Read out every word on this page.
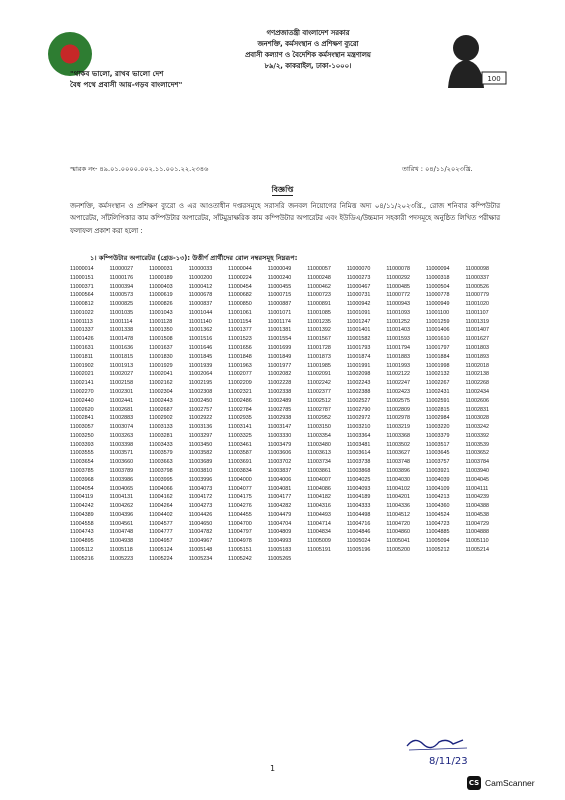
"থাকব ভালো, রাখব ভালো দেশ
বৈধ পথে প্রবাসী আয়-গড়ব বাংলাদেশ"
গণপ্রজাতন্ত্রী বাংলাদেশ সরকার
জনশক্তি, কর্মসংস্থান ও প্রশিক্ষণ ব্যুরো
প্রবাসী কল্যাণ ও বৈদেশিক কর্মসংস্থান মন্ত্রণালয়
৮৯/২, কাকরাইল, ঢাকা-১০০০।
100
স্মারক নং- ৪৯.০১.০০০০.০০২.১১.০০১.২২.২৩৪৬	তারিখ : ০৪/১১/২০২৩খ্রি.
বিজ্ঞপ্তি
জনশক্তি, কর্মসংস্থান ও প্রশিক্ষণ ব্যুরো ও এর আওতাধীন দপ্তরসমূহে সরাসরি জনবল নিয়োগের নিমিত্ত অদ্য ০৪/১১/২০২৩খ্রি., রোজ শনিবার কম্পিউটার অপারেটর, সাঁটলিপিকার কাম কম্পিউটার অপারেটর, সাঁটমুদ্রাক্ষরিক কাম কম্পিউটার অপারেটর এবং ইউডিএ/উচ্চমান সহকারী পদসমূহে অনুষ্ঠিত লিখিত পরীক্ষার ফলাফল প্রকাশ করা হলো :
১। কম্পিউটার অপারেটর (গ্রেড-১৩): উত্তীর্ণ প্রার্থীদের রোল নম্বরসমূহ নিম্নরূপ:
11000014	11000027	11000031	11000033	11000044	11000049	11000057	11000070	11000078	11000094	11000098
11000151	11000176	11000189	11000200	11000224	11000240	11000248	11000273	11000292	11000318	11000337
11000371	11000394	11000403	11000412	11000454	11000455	11000462	11000467	11000485	11000504	11000526
11000564	11000573	11000619	11000678	11000682	11000715	11000723	11000731	11000772	11000778	11000779
11000812	11000825	11000826	11000837	11000850	11000887	11000891	11000942	11000943	11000949	11001020
11001022	11001035	11001043	11001044	11001061	11001071	11001085	11001091	11001093	11001100	11001107
11001113	11001114	11001128	11001140	11001154	11001174	11001235	11001247	11001252	11001259	11001319
11001337	11001338	11001350	11001362	11001377	11001381	11001392	11001401	11001403	11001406	11001407
11001426	11001478	11001508	11001516	11001523	11001554	11001567	11001582	11001593	11001610	11001627
11001631	11001636	11001637	11001646	11001656	11001699	11001728	11001793	11001794	11001797	11001803
11001811	11001815	11001830	11001845	11001848	11001849	11001873	11001874	11001883	11001884	11001893
11001902	11001913	11001929	11001939	11001963	11001977	11001985	11001991	11001993	11001998	11002018
11002021	11002027	11002041	11002064	11002077	11002082	11002091	11002098	11002122	11002132	11002138
11002141	11002158	11002162	11002195	11002209	11002228	11002242	11002243	11002247	11002267	11002268
11002270	11002301	11002304	11002308	11002321	11002338	11002377	11002388	11002423	11002431	11002434
11002440	11002441	11002443	11002450	11002486	11002489	11002512	11002527	11002575	11002591	11002606
11002620	11002681	11002687	11002757	11002784	11002785	11002787	11002790	11002809	11002815	11002831
11002841	11002883	11002902	11002922	11002935	11002938	11002952	11002972	11002978	11002984	11003028
11003057	11003074	11003133	11003136	11003141	11003147	11003150	11003210	11003219	11003220	11003242
11003250	11003263	11003281	11003297	11003325	11003330	11003354	11003364	11003368	11003379	11003392
11003393	11003398	11003433	11003450	11003461	11003479	11003480	11003481	11003502	11003517	11003539
11003555	11003571	11003579	11003582	11003587	11003606	11003613	11003614	11003627	11003645	11003652
11003654	11003660	11003663	11003689	11003691	11003702	11003734	11003738	11003748	11003757	11003784
11003785	11003789	11003798	11003810	11003834	11003837	11003861	11003868	11003896	11003921	11003940
11003968	11003986	11003995	11003996	11004000	11004006	11004007	11004025	11004030	11004039	11004045
11004054	11004065	11004066	11004073	11004077	11004081	11004086	11004093	11004102	11004109	11004111
11004119	11004131	11004162	11004172	11004175	11004177	11004182	11004189	11004201	11004213	11004239
11004242	11004262	11004264	11004273	11004276	11004282	11004316	11004333	11004336	11004360	11004388
11004389	11004396	11004402	11004426	11004455	11004479	11004493	11004498	11004512	11004524	11004538
11004558	11004561	11004577	11004650	11004700	11004704	11004714	11004716	11004720	11004723	11004729
11004743	11004748	11004777	11004782	11004797	11004809	11004834	11004846	11004860	11004885	11004888
11004895	11004938	11004957	11004967	11004978	11004993	11005009	11005024	11005041	11005094	11005110
11005112	11005118	11005124	11005148	11005151	11005183	11005191	11005196	11005200	11005212	11005214
11005216	11005223	11005224	11005234	11005242	11005265
8/11/23
1
CS CamScanner
